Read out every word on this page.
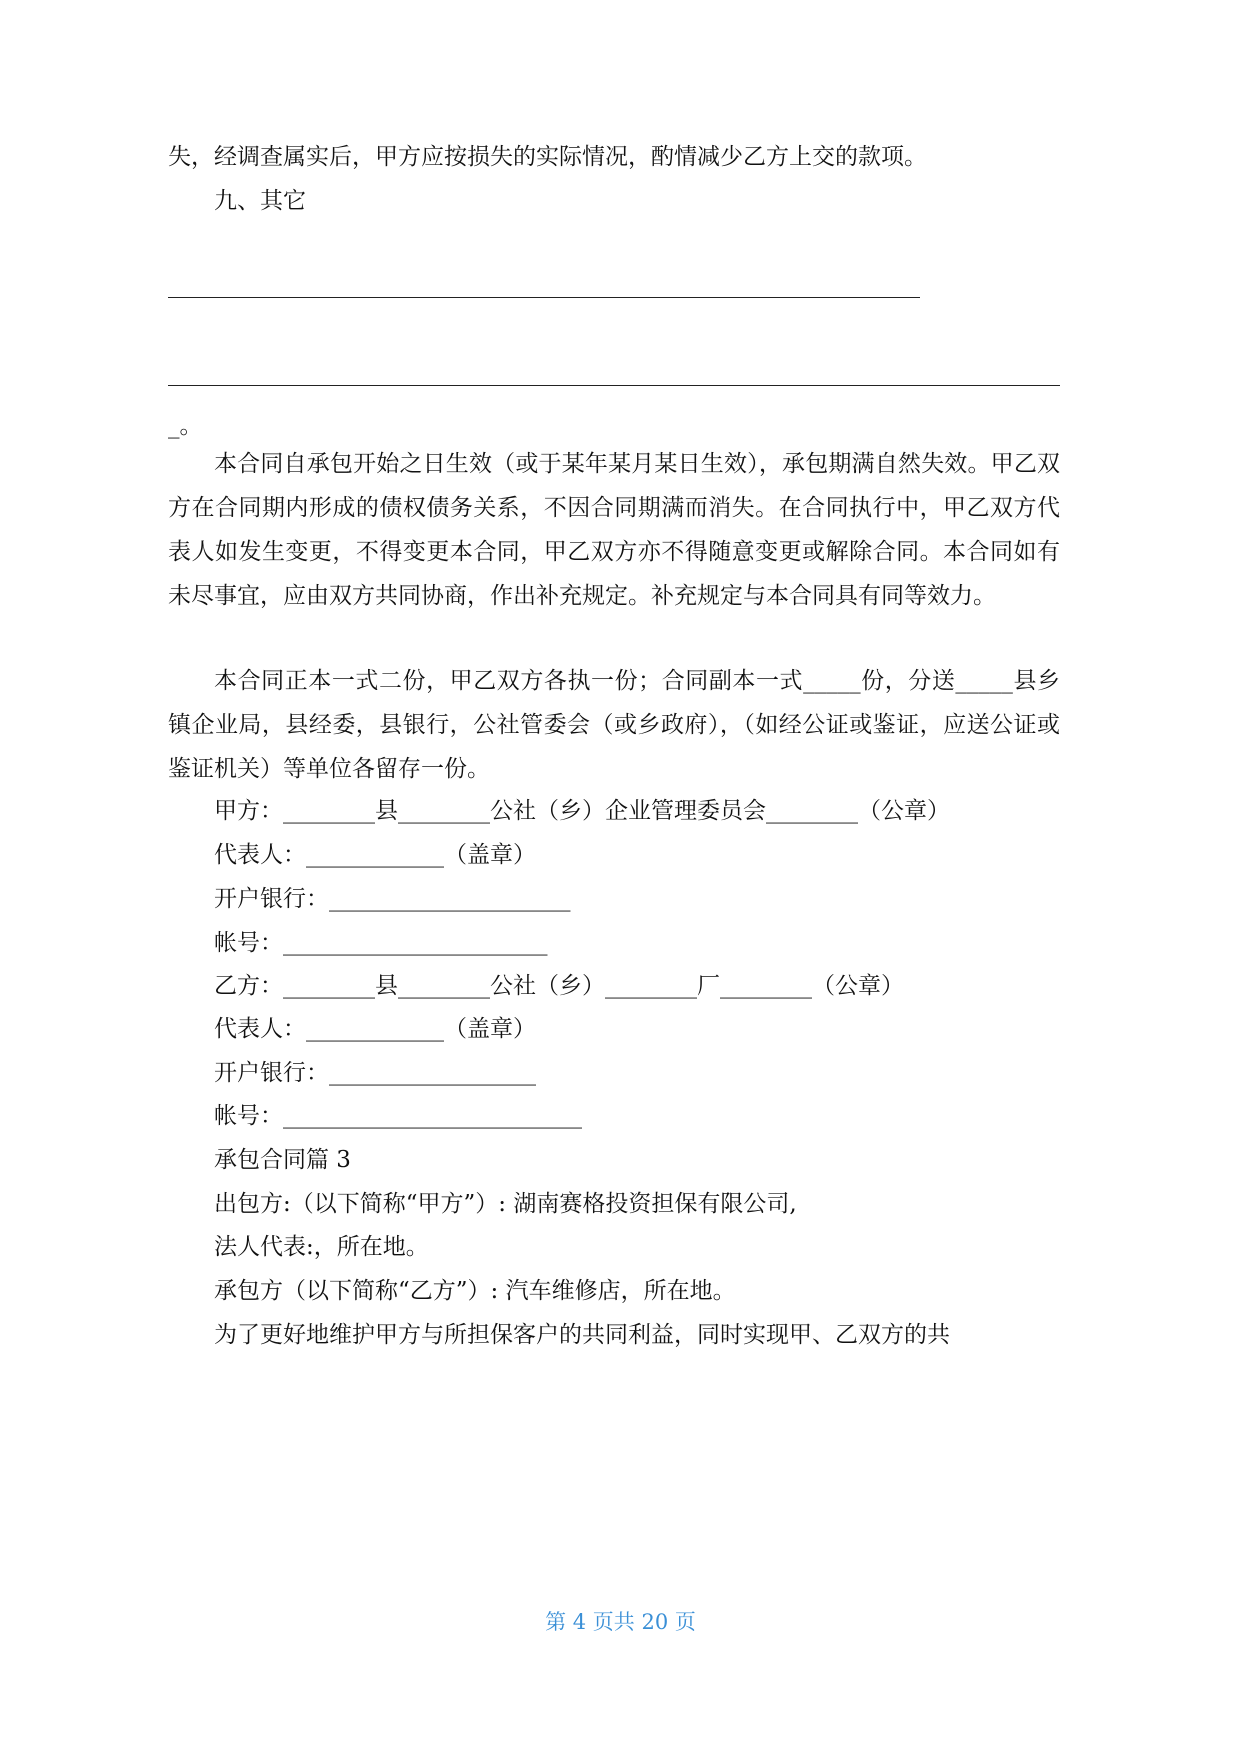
失，经调查属实后，甲方应按损失的实际情况，酌情减少乙方上交的款项。

九、其它

_。

本合同自承包开始之日生效（或于某年某月某日生效），承包期满自然失效。甲乙双方在合同期内形成的债权债务关系，不因合同期满而消失。在合同执行中，甲乙双方代表人如发生变更，不得变更本合同，甲乙双方亦不得随意变更或解除合同。本合同如有未尽事宜，应由双方共同协商，作出补充规定。补充规定与本合同具有同等效力。

本合同正本一式二份，甲乙双方各执一份；合同副本一式_____份，分送_____县乡镇企业局，县经委，县银行，公社管委会（或乡政府），（如经公证或鉴证，应送公证或鉴证机关）等单位各留存一份。

甲方：________县________公社（乡）企业管理委员会________（公章）

代表人：____________（盖章）

开户银行：_____________________

帐号：_______________________

乙方：________县________公社（乡）________厂________（公章）

代表人：____________（盖章）

开户银行：__________________

帐号：__________________________

承包合同篇 3

出包方:（以下简称“甲方”）: 湖南赛格投资担保有限公司,

法人代表:，所在地。

承包方（以下简称“乙方”）: 汽车维修店，所在地。

为了更好地维护甲方与所担保客户的共同利益，同时实现甲、乙双方的共

第 4 页共 20 页
